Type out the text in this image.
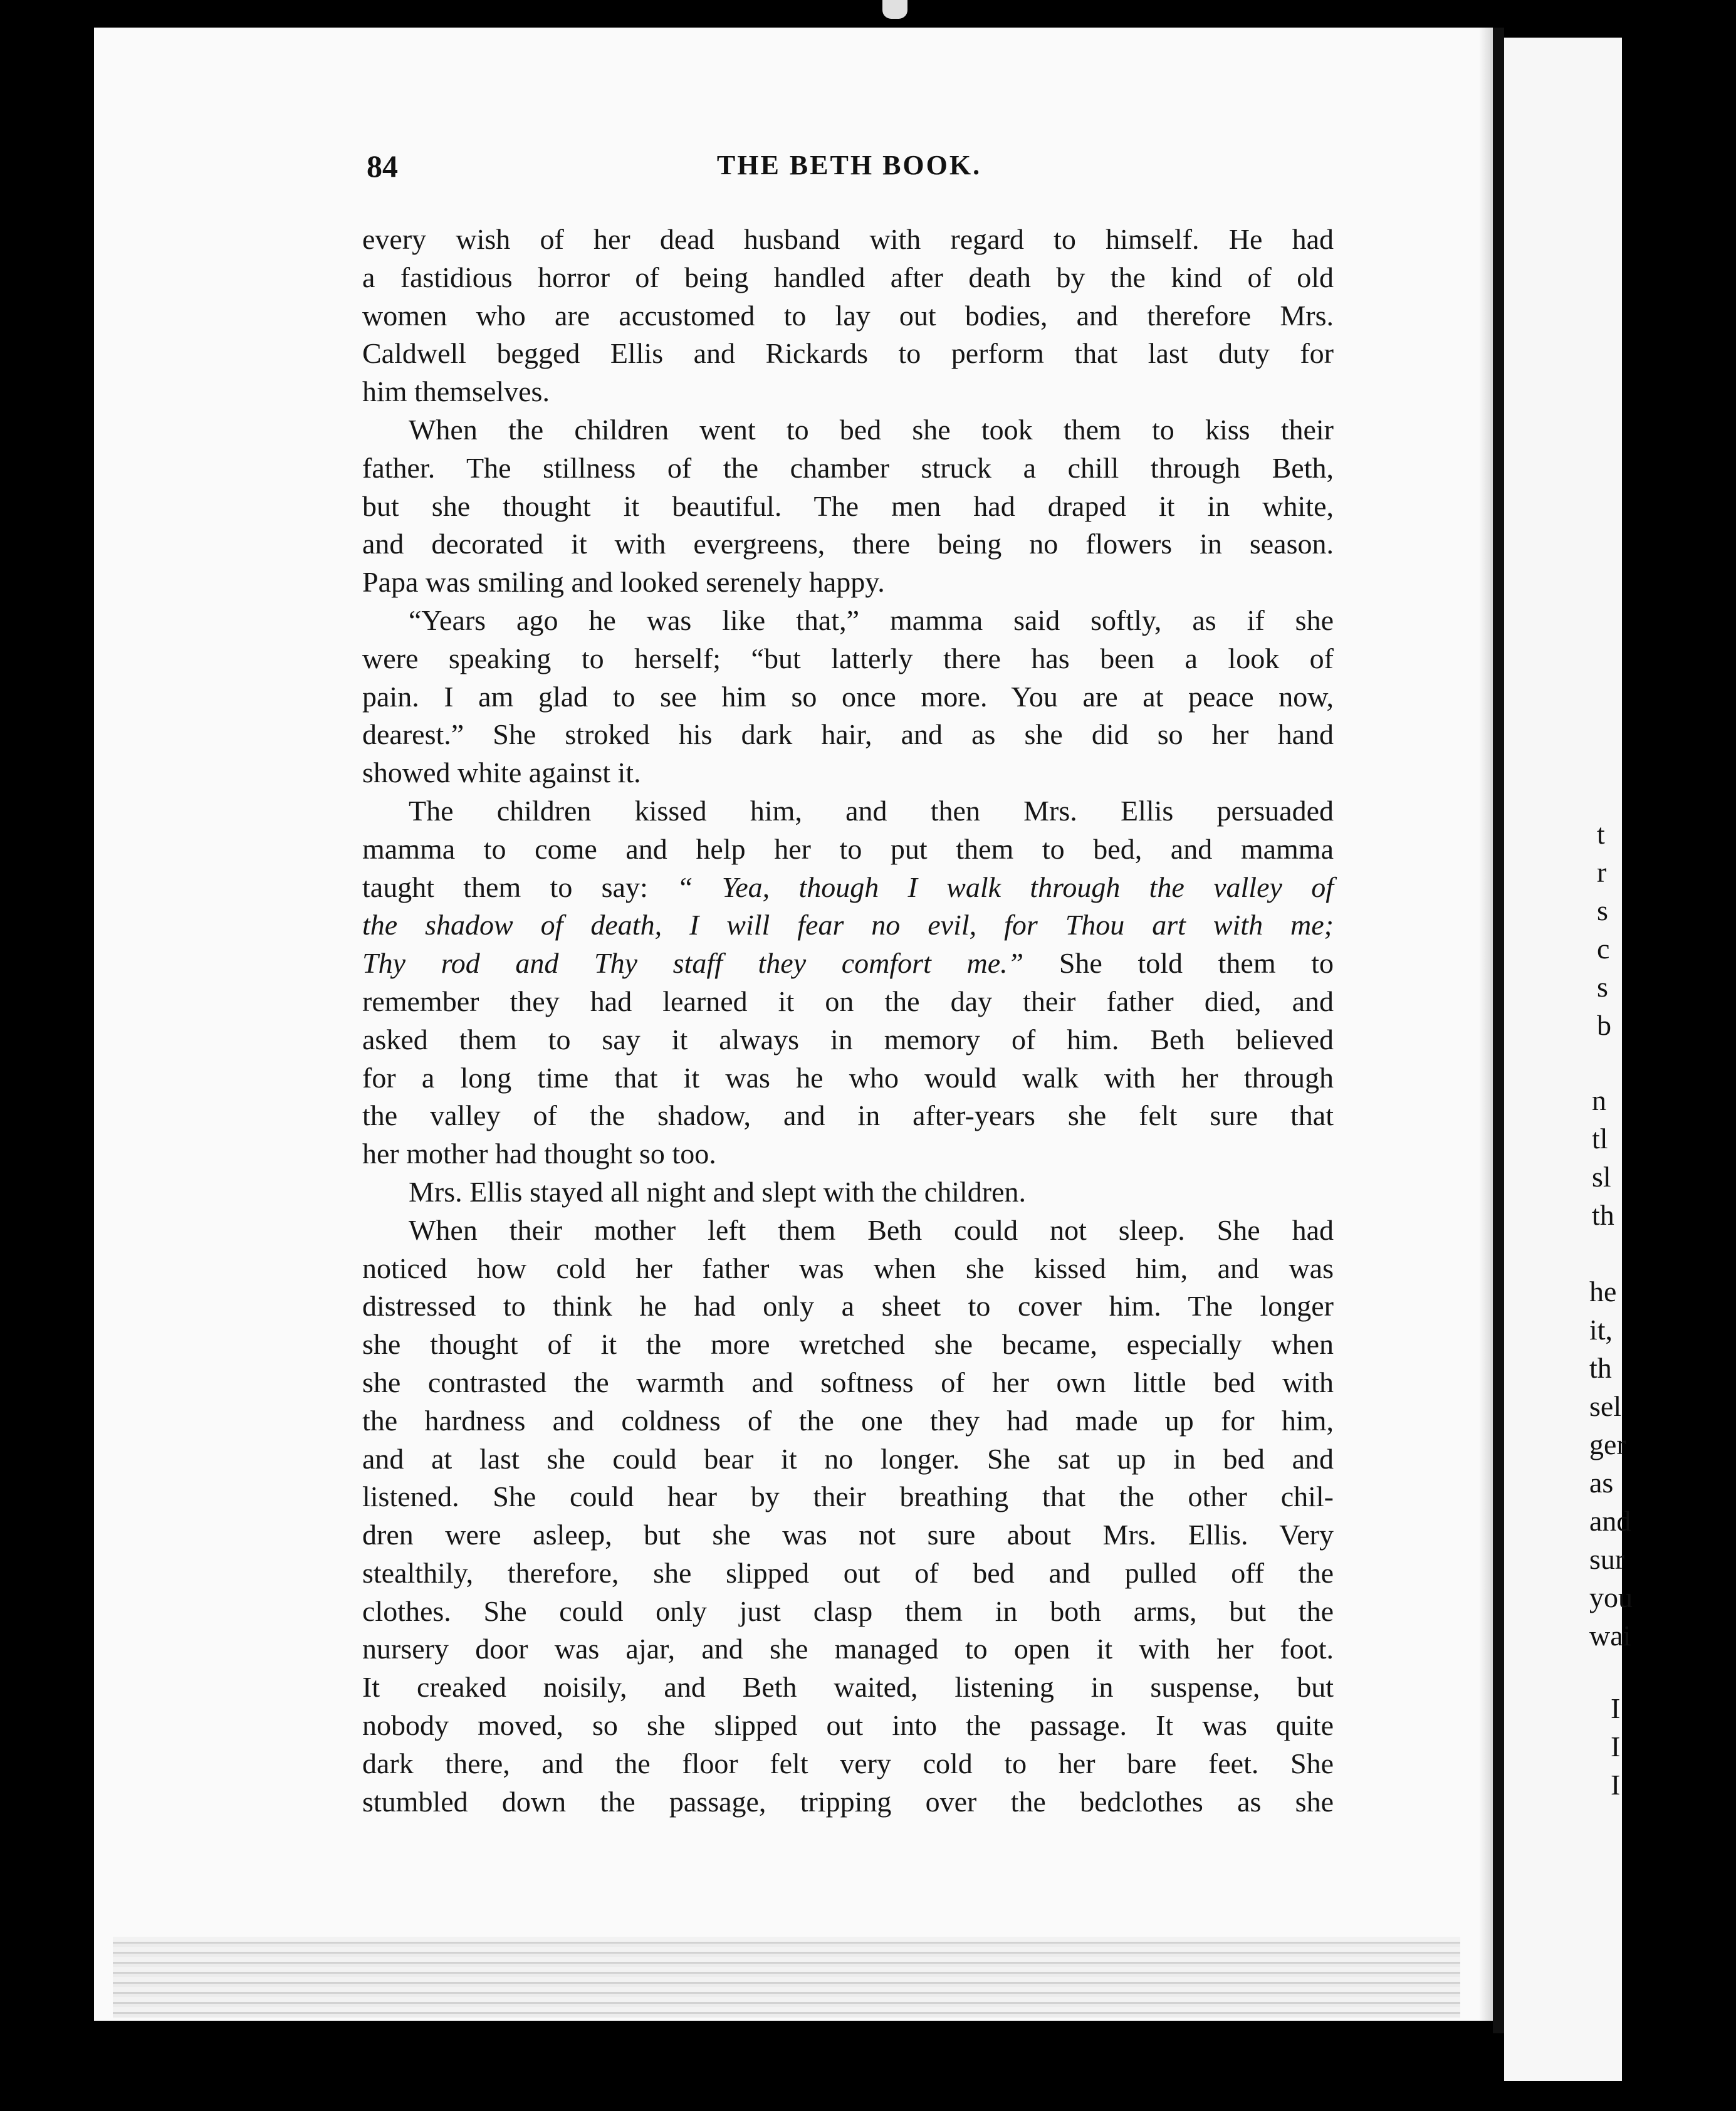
84	THE BETH BOOK.
every wish of her dead husband with regard to himself. He had
a fastidious horror of being handled after death by the kind of old
women who are accustomed to lay out bodies, and therefore Mrs.
Caldwell begged Ellis and Rickards to perform that last duty for
him themselves.
When the children went to bed she took them to kiss their
father. The stillness of the chamber struck a chill through Beth,
but she thought it beautiful. The men had draped it in white,
and decorated it with evergreens, there being no flowers in season.
Papa was smiling and looked serenely happy.
“Years ago he was like that,” mamma said softly, as if she
were speaking to herself; “but latterly there has been a look of
pain. I am glad to see him so once more. You are at peace now,
dearest.” She stroked his dark hair, and as she did so her hand
showed white against it.
The children kissed him, and then Mrs. Ellis persuaded
mamma to come and help her to put them to bed, and mamma
taught them to say: “ Yea, though I walk through the valley of
the shadow of death, I will fear no evil, for Thou art with me;
Thy rod and Thy staff they comfort me.” She told them to
remember they had learned it on the day their father died, and
asked them to say it always in memory of him. Beth believed
for a long time that it was he who would walk with her through
the valley of the shadow, and in after-years she felt sure that
her mother had thought so too.
Mrs. Ellis stayed all night and slept with the children.
When their mother left them Beth could not sleep. She had
noticed how cold her father was when she kissed him, and was
distressed to think he had only a sheet to cover him. The longer
she thought of it the more wretched she became, especially when
she contrasted the warmth and softness of her own little bed with
the hardness and coldness of the one they had made up for him,
and at last she could bear it no longer. She sat up in bed and
listened. She could hear by their breathing that the other chil-
dren were asleep, but she was not sure about Mrs. Ellis. Very
stealthily, therefore, she slipped out of bed and pulled off the
clothes. She could only just clasp them in both arms, but the
nursery door was ajar, and she managed to open it with her foot.
It creaked noisily, and Beth waited, listening in suspense, but
nobody moved, so she slipped out into the passage. It was quite
dark there, and the floor felt very cold to her bare feet. She
stumbled down the passage, tripping over the bedclothes as she
t
r
s
c
s
b
n
tl
sl
th
he
it,
th
sel
ger
as
and
sur
you
wai
I
I
I
